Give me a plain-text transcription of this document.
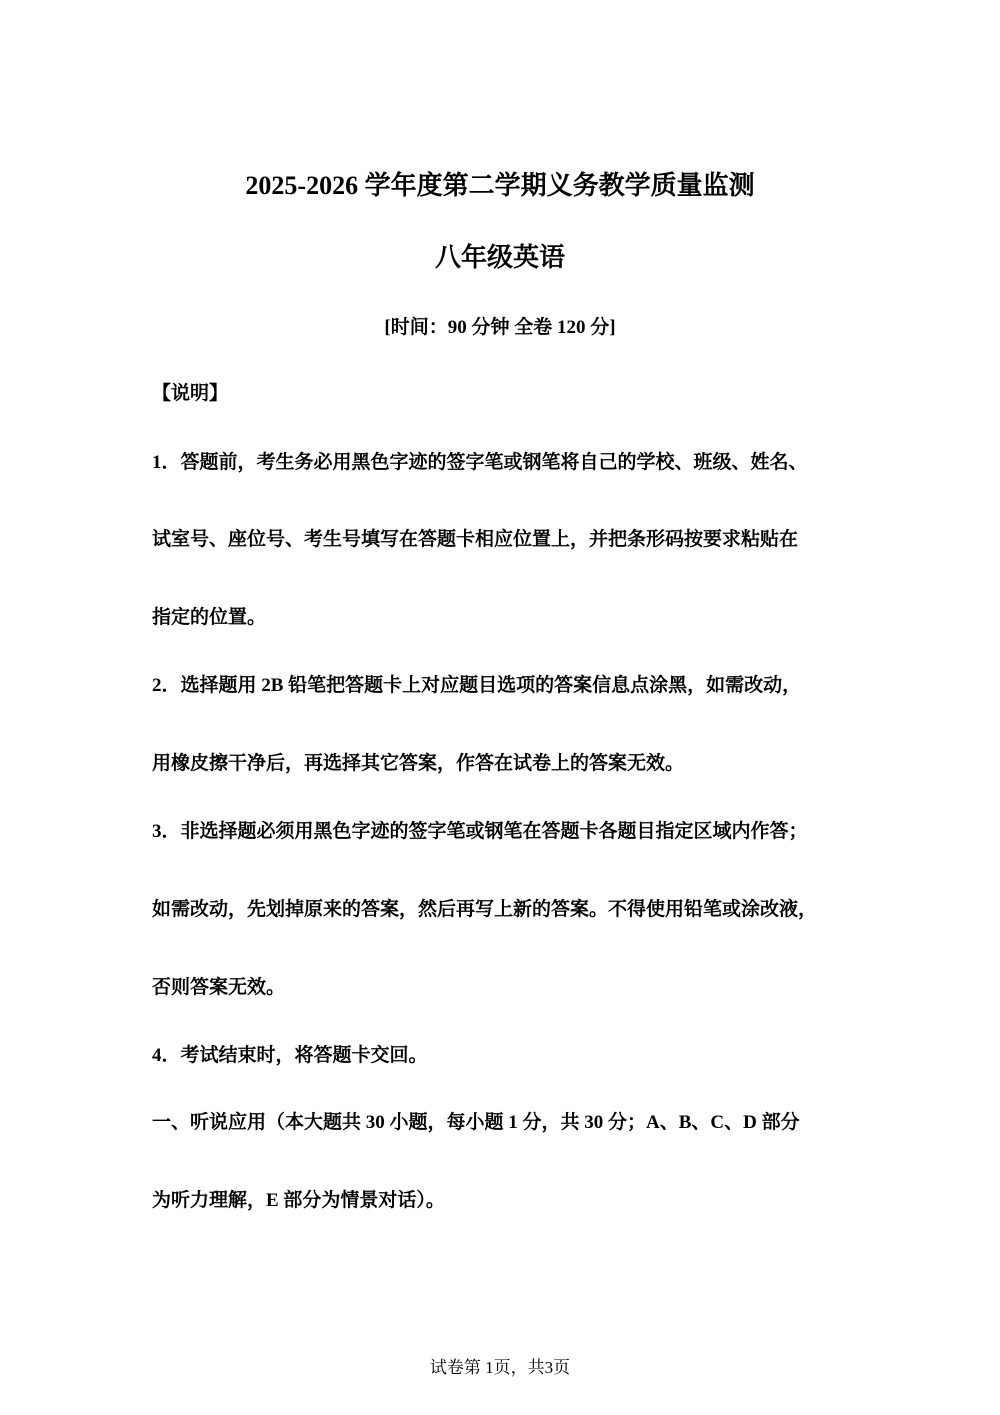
2025-2026 学年度第二学期义务教学质量监测
八年级英语
[时间：90 分钟 全卷 120 分]
【说明】
1．答题前，考生务必用黑色字迹的签字笔或钢笔将自己的学校、班级、姓名、
试室号、座位号、考生号填写在答题卡相应位置上，并把条形码按要求粘贴在
指定的位置。
2．选择题用 2B 铅笔把答题卡上对应题目选项的答案信息点涂黑，如需改动，
用橡皮擦干净后，再选择其它答案，作答在试卷上的答案无效。
3．非选择题必须用黑色字迹的签字笔或钢笔在答题卡各题目指定区域内作答；
如需改动，先划掉原来的答案，然后再写上新的答案。不得使用铅笔或涂改液，
否则答案无效。
4．考试结束时，将答题卡交回。
一、听说应用（本大题共 30 小题，每小题 1 分，共 30 分；A、B、C、D 部分
为听力理解，E 部分为情景对话）。
试卷第 1页，共3页
